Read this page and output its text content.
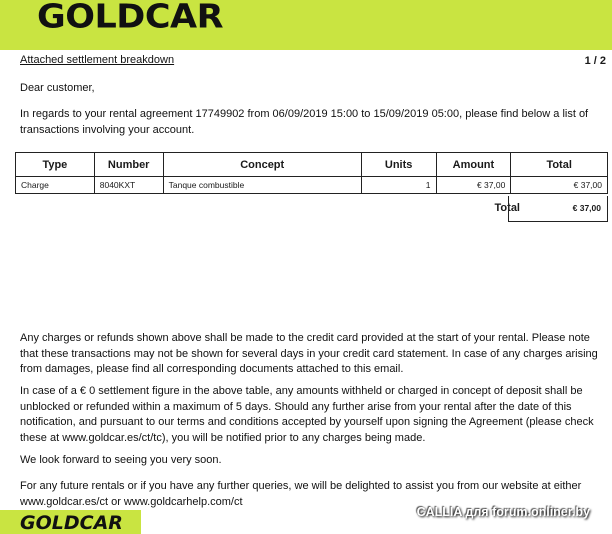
GOLDCAR
Attached settlement breakdown	1 / 2

Dear customer,

In regards to your rental agreement 17749902 from 06/09/2019 15:00 to 15/09/2019 05:00, please find below a list of transactions involving your account.

Type	Number	Concept	Units	Amount	Total
Charge	8040KXT	Tanque combustible	1	€ 37,00	€ 37,00
Total	€ 37,00

Any charges or refunds shown above shall be made to the credit card provided at the start of your rental. Please note that these transactions may not be shown for several days in your credit card statement. In case of any charges arising from damages, please find all corresponding documents attached to this email.

In case of a € 0 settlement figure in the above table, any amounts withheld or charged in concept of deposit shall be unblocked or refunded within a maximum of 5 days. Should any further arise from your rental after the date of this notification, and pursuant to our terms and conditions accepted by yourself upon signing the Agreement (please check these at www.goldcar.es/ct/tc), you will be notified prior to any charges being made.

We look forward to seeing you very soon.

For any future rentals or if you have any further queries, we will be delighted to assist you from our website at either www.goldcar.es/ct or www.goldcarhelp.com/ct

GOLDCAR	CALLIA для forum.onliner.by
